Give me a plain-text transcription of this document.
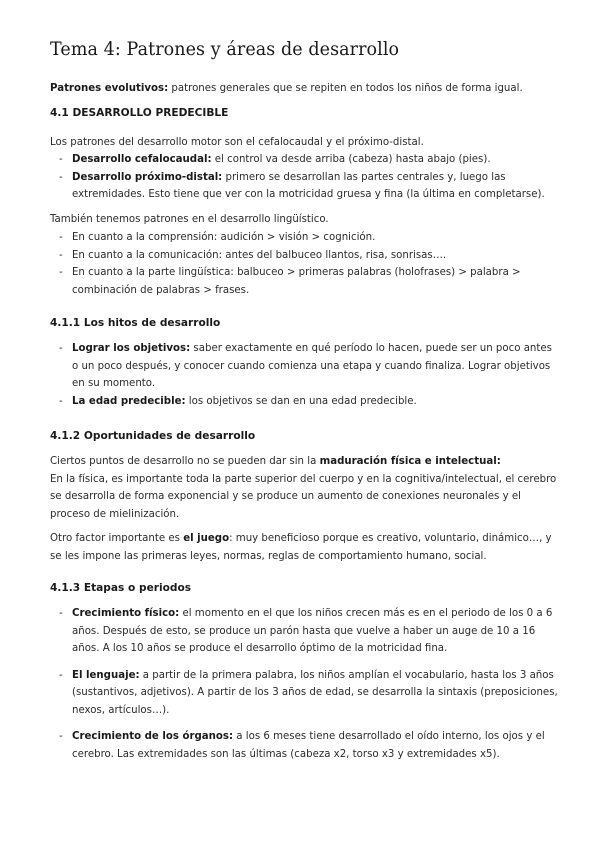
Tema 4: Patrones y áreas de desarrollo

Patrones evolutivos: patrones generales que se repiten en todos los niños de forma igual.

4.1 DESARROLLO PREDECIBLE

Los patrones del desarrollo motor son el cefalocaudal y el próximo-distal.

- Desarrollo cefalocaudal: el control va desde arriba (cabeza) hasta abajo (pies).
- Desarrollo próximo-distal: primero se desarrollan las partes centrales y, luego las extremidades. Esto tiene que ver con la motricidad gruesa y fina (la última en completarse).

También tenemos patrones en el desarrollo lingüístico.

- En cuanto a la comprensión: audición > visión > cognición.
- En cuanto a la comunicación: antes del balbuceo llantos, risa, sonrisas….
- En cuanto a la parte lingüística: balbuceo > primeras palabras (holofrases) > palabra > combinación de palabras > frases.
4.1.1 Los hitos de desarrollo
- Lograr los objetivos: saber exactamente en qué período lo hacen, puede ser un poco antes o un poco después, y conocer cuando comienza una etapa y cuando finaliza. Lograr objetivos en su momento.
- La edad predecible: los objetivos se dan en una edad predecible.
4.1.2 Oportunidades de desarrollo

Ciertos puntos de desarrollo no se pueden dar sin la maduración física e intelectual:
En la física, es importante toda la parte superior del cuerpo y en la cognitiva/intelectual, el cerebro se desarrolla de forma exponencial y se produce un aumento de conexiones neuronales y el proceso de mielinización.

Otro factor importante es el juego: muy beneficioso porque es creativo, voluntario, dinámico…, y se les impone las primeras leyes, normas, reglas de comportamiento humano, social.

4.1.3 Etapas o periodos
- Crecimiento físico: el momento en el que los niños crecen más es en el periodo de los 0 a 6 años. Después de esto, se produce un parón hasta que vuelve a haber un auge de 10 a 16 años. A los 10 años se produce el desarrollo óptimo de la motricidad fina.
- El lenguaje: a partir de la primera palabra, los niños amplían el vocabulario, hasta los 3 años (sustantivos, adjetivos). A partir de los 3 años de edad, se desarrolla la sintaxis (preposiciones, nexos, artículos…).
- Crecimiento de los órganos: a los 6 meses tiene desarrollado el oído interno, los ojos y el cerebro. Las extremidades son las últimas (cabeza x2, torso x3 y extremidades x5).
